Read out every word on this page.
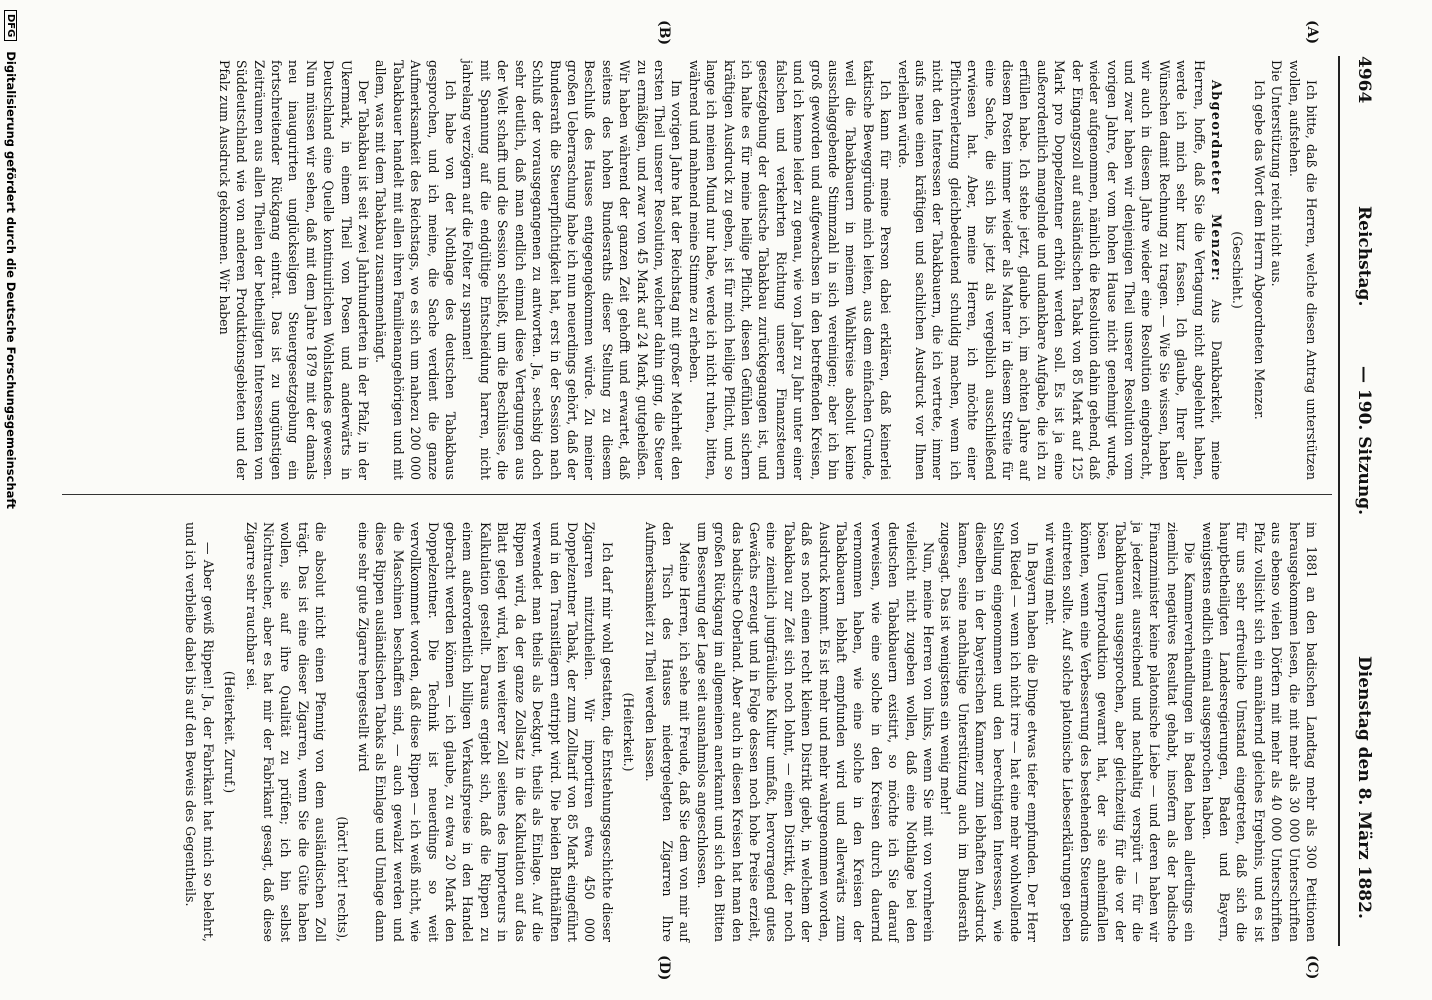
4964
Reichstag.
— 190. Sitzung.
Dienstag den 8. März 1882.
(A)
(B)
(C)
(D)

Ich bitte, daß die Herren, welche diesen Antrag unterstützen wollen, aufstehen.

Die Unterstützung reicht nicht aus.

Ich gebe das Wort dem Herrn Abgeordneten Menzer.

(Geschieht.)

Abgeordneter Menzer: Aus Dankbarkeit, meine Herren, hoffe, daß Sie die Vertagung nicht abgelehnt haben, werde ich mich sehr kurz fassen. Ich glaube, Ihrer aller Wünschen damit Rechnung zu tragen. — Wie Sie wissen, haben wir auch in diesem Jahre wieder eine Resolution eingebracht, und zwar haben wir denjenigen Theil unserer Resolution vom vorigen Jahre, der vom hohen Hause nicht genehmigt wurde, wieder aufgenommen, nämlich die Resolution dahin gehend, daß der Eingangszoll auf ausländischen Tabak von 85 Mark auf 125 Mark pro Doppelzentner erhöht werden soll. Es ist ja eine außerordentlich mangelnde und undankbare Aufgabe, die ich zu erfüllen habe. Ich stehe jetzt, glaube ich, im achten Jahre auf diesem Posten immer wieder als Mahner in diesem Streite für eine Sache, die sich bis jetzt als vergeblich ausschließend erwiesen hat. Aber, meine Herren, ich möchte einer Pflichtverletzung gleichbedeutend schuldig machen, wenn ich nicht den Interessen der Tabakbauern, die ich vertrete, immer aufs neue einen kräftigen und sachlichen Ausdruck vor Ihnen verleihen würde.

Ich kann für meine Person dabei erklären, daß keinerlei taktische Beweggründe mich leiten, aus dem einfachen Grunde, weil die Tabakbauern in meinem Wahlkreise absolut keine ausschlaggebende Stimmzahl in sich vereinigen; aber ich bin groß geworden und aufgewachsen in den betreffenden Kreisen, und ich kenne leider zu genau, wie von Jahr zu Jahr unter einer falschen und verkehrten Richtung unserer Finanzsteuern gesetzgebung der deutsche Tabakbau zurückgegangen ist, und ich halte es für meine heilige Pflicht, diesen Gefühlen sichern kräftigen Ausdruck zu geben, ist für mich heilige Pflicht, und so lange ich meinen Mund nur habe, werde ich nicht ruhen, bitten, während und mahnend meine Stimme zu erheben.

Im vorigen Jahre hat der Reichstag mit großer Mehrheit den ersten Theil unserer Resolution, welcher dahin ging, die Steuer zu ermäßigen, und zwar von 45 Mark auf 24 Mark, gutgeheißen. Wir haben während der ganzen Zeit gehofft und erwartet, daß seitens des hohen Bundesraths dieser Stellung zu diesem Beschluß des Hauses entgegengekommen würde. Zu meiner großen Ueberraschung habe ich nun neuerdings gehört, daß der Bundesrath die Steuerpflichtigkeit hat, erst in der Session nach Schluß der vorausgegangenen zu antworten. Ja, sechsbig doch sehr deutlich, daß man endlich einmal diese Vertagungen aus der Welt schafft und die Session schließt, um die Beschlüsse, die mit Spannung auf die endgültige Entscheidung harren, nicht jahrelang verzögern auf die Folter zu spannen!

Ich habe von der Nothlage des deutschen Tabakbaus gesprochen, und ich meine, die Sache verdient die ganze Aufmerksamkeit des Reichstags, wo es sich um nahezu 200 000 Tabakbauer handelt mit allen ihren Familienangehörigen und mit allem, was mit dem Tabakbau zusammenhängt.

Der Tabakbau ist seit zwei Jahrhunderten in der Pfalz, in der Ukermark, in einem Theil von Posen und anderwärts in Deutschland eine Quelle kontinuirlichen Wohlstandes gewesen. Nun müssen wir sehen, daß mit dem Jahre 1879 mit der damals neu inaugurirten unglückseligen Steuergesetzgebung ein fortschreitender Rückgang eintrat. Das ist zu ungünstigen Zeiträumen aus allen Theilen der betheiligten Interessenten von Süddeutschland wie von anderen Produktionsgebieten und der Pfalz zum Ausdruck gekommen. Wir haben

im 1881 an den badischen Landtag mehr als 300 Petitionen herausgekommen lesen, die mit mehr als 30 000 Unterschriften aus ebenso vielen Dörfern mit mehr als 40 000 Unterschriften Pfalz vollsicht sich ein annähernd gleiches Ergebnis, und es ist für uns sehr erfreuliche Umstand eingetreten, daß sich die hauptbetheiligten Landesregierungen, Baden und Bayern, wenigstens endlich einmal ausgesprochen haben.

Die Kammerverhandlungen in Baden haben allerdings ein ziemlich negatives Resultat gehabt, insofern als der badische Finanzminister keine platonische Liebe — und deren haben wir ja jederzeit ausreichend und nachhaltig verspürt — für die Tabakbauern ausgesprochen, aber gleichzeitig für die vor der bösen Unterproduktion gewarnt hat, der sie anheimfallen könnten, wenn eine Verbesserung des bestehenden Steuermodus eintreten sollte. Auf solche platonische Liebeserklärungen geben wir wenig mehr.

In Bayern haben die Dinge etwas tiefer empfunden. Der Herr von Riedel — wenn ich nicht irre — hat eine mehr wohlwollende Stellung eingenommen und den berechtigten Interessen, wie dieselben in der bayerischen Kammer zum lebhaften Ausdruck kamen, seine nachhaltige Unterstützung auch im Bundesrath zugesagt. Das ist wenigstens ein wenig mehr!

Nun, meine Herren von links, wenn Sie mit von vornherein vielleicht nicht zugeben wollen, daß eine Nothlage bei den deutschen Tabakbauern existirt, so möchte ich Sie darauf verweisen, wie eine solche in den Kreisen durch dauernd vernommen haben, wie eine solche in den Kreisen der Tabakbauern lebhaft empfunden wird und allerwärts zum Ausdruck kommt. Es ist mehr und mehr wahrgenommen worden, daß es noch einen recht kleinen Distrikt giebt, in welchem der Tabakbau zur Zeit sich noch lohnt, — einen Distrikt, der noch eine ziemlich jungfräuliche Kultur umfaßt, hervorragend gutes Gewächs erzeugt und in Folge dessen noch hohe Preise erzielt, das badische Oberland. Aber auch in diesen Kreisen hat man den großen Rückgang im allgemeinen anerkannt und sich den Bitten um Besserung der Lage seit ausnahmslos angeschlossen.

Meine Herren, ich sehe mit Freude, daß Sie dem von mir auf den Tisch des Hauses niedergelegten Zigarren Ihre Aufmerksamkeit zu Theil werden lassen.

(Heiterkeit.)

Ich darf mir wohl gestatten, die Entstehungsgeschichte dieser Zigarren mitzutheilen. Wir importiren etwa 450 000 Doppelzentner Tabak, der zum Zolltarif von 85 Mark eingeführt und in den Transitlägern entrippt wird. Die beiden Blatthälften verwendet man theils als Deckgut, theils als Einlage. Auf die Rippen wird, da der ganze Zollsatz in die Kalkulation auf das Blatt gelegt wird, kein weiterer Zoll seitens des Importeurs in Kalkulation gestellt. Daraus ergiebt sich, daß die Rippen zu einem außerordentlich billigen Verkaufspreise in den Handel gebracht werden können — ich glaube, zu etwa 20 Mark den Doppelzentner. Die Technik ist neuerdings so weit vervollkommnet worden, daß diese Rippen — ich weiß nicht, wie die Maschinen beschaffen sind, — auch gewalzt werden und diese Rippen ausländischen Tabaks als Einlage und Umlage dann eine sehr gute Zigarre hergestellt wird

(hört! hört! rechts),

die absolut nicht einen Pfennig von dem ausländischen Zoll trägt. Das ist eine dieser Zigarren, wenn Sie die Güte haben wollen, sie auf ihre Qualität zu prüfen; ich bin selbst Nichtraucher, aber es hat mir der Fabrikant gesagt, daß diese Zigarre sehr rauchbar sei.

(Heiterkeit. Zuruf.)

— Aber gewiß Rippen! Ja, der Fabrikant hat mich so belehrt, und ich verbleibe dabei bis auf den Beweis des Gegentheils.

DFG Digitalisierung gefördert durch die Deutsche Forschungsgemeinschaft
